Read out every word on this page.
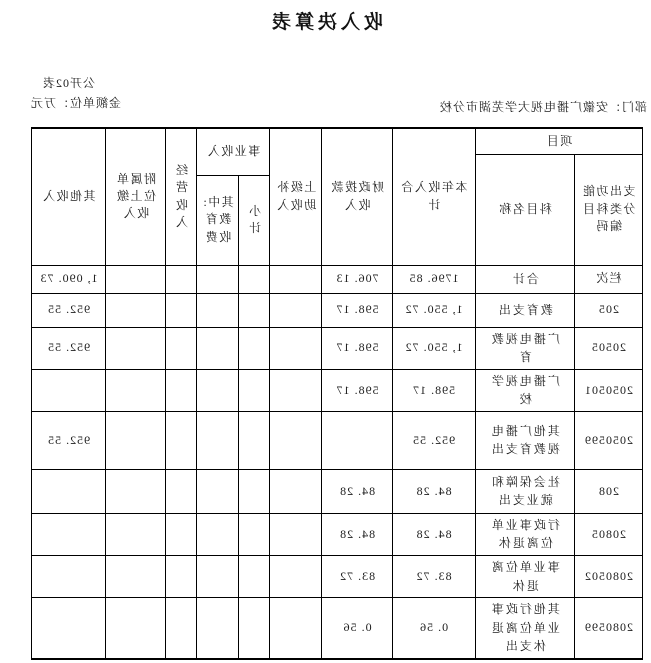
收入决算表
公开02表
金额单位：万元	部门：安徽广播电视大学芜湖市分校
项目		本年收入合计	财政拨款收入	上级补助收入	事业收入		经营收入	附属单位上缴收入	其他收入
支出功能分类科目编码	科目名称								
					小计	其中:教育收费			
栏次	合计	1796. 85	706. 13						1, 090. 73
205	教育支出	1, 550. 72	598. 17						952. 55
20505	广播电视教育	1, 550. 72	598. 17						952. 55
2050501	广播电视学校	598. 17	598. 17						
2050599	其他广播电视教育支出	952. 55							952. 55
208	社会保障和就业支出	84. 28	84. 28						
20805	行政事业单位离退休	84. 28	84. 28						
2080502	事业单位离退休	83. 72	83. 72						
2080599	其他行政事业单位离退休支出	0. 56	0. 56						
